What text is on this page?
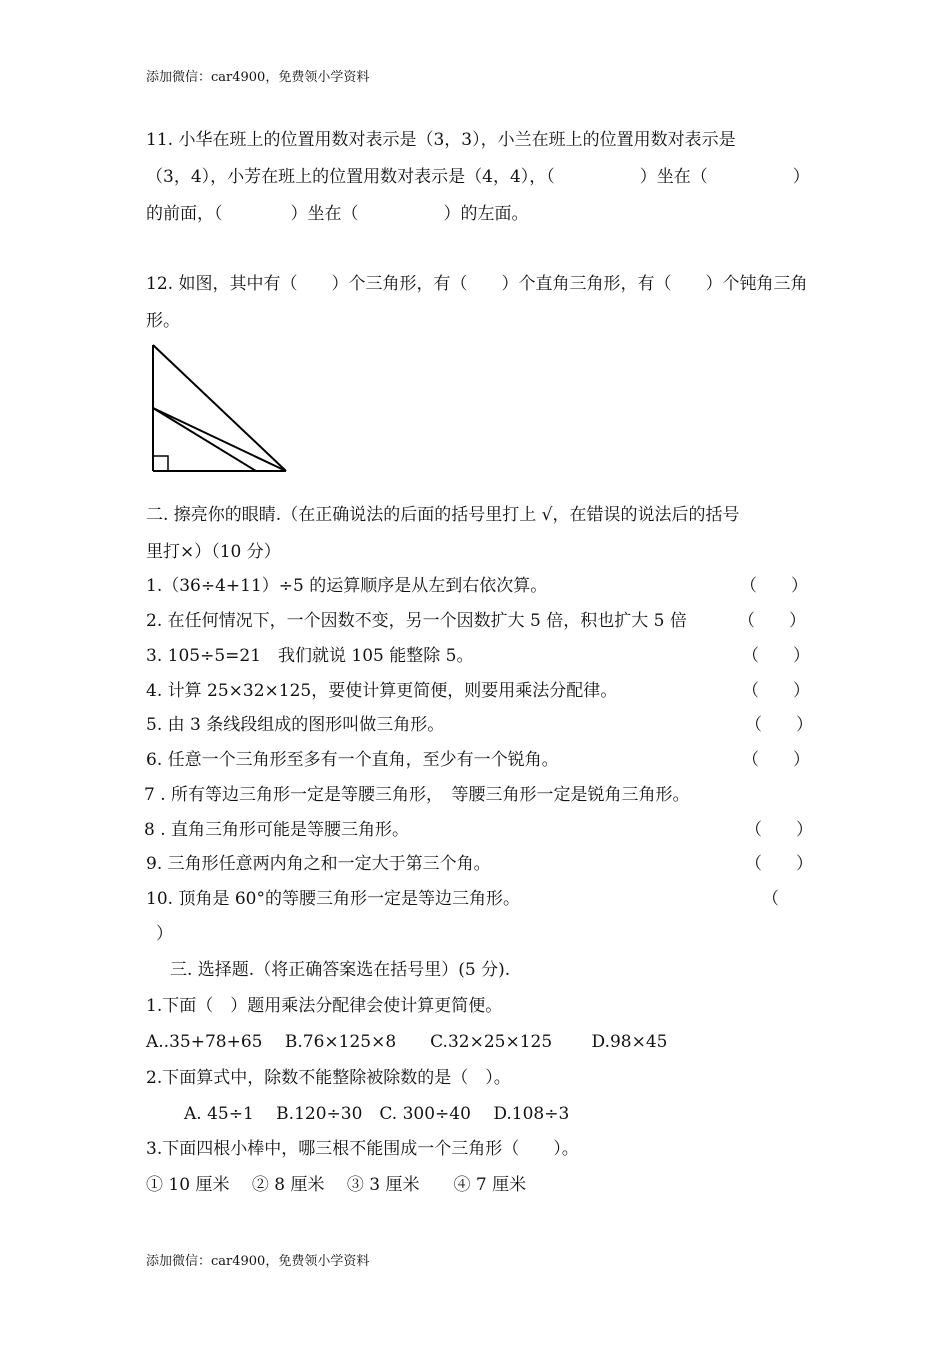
添加微信：car4900，免费领小学资料
11. 小华在班上的位置用数对表示是（3，3），小兰在班上的位置用数对表示是
（3，4），小芳在班上的位置用数对表示是（4，4），（　　　　　）坐在（　　　　　）
的前面，（　　　　）坐在（　　　　　）的左面。
12. 如图，其中有（　　）个三角形，有（　　）个直角三角形，有（　　）个钝角三角
形。
二. 擦亮你的眼睛.（在正确说法的后面的括号里打上 √，在错误的说法后的括号
里打×）（10 分）
1.（36÷4+11）÷5 的运算顺序是从左到右依次算。	（　　）
2. 在任何情况下，一个因数不变，另一个因数扩大 5 倍，积也扩大 5 倍	（　　）
3. 105÷5=21　我们就说 105 能整除 5。	（　　）
4. 计算 25×32×125，要使计算更简便，则要用乘法分配律。	（　　）
5. 由 3 条线段组成的图形叫做三角形。	（　　）
6. 任意一个三角形至多有一个直角，至少有一个锐角。	（　　）
7 . 所有等边三角形一定是等腰三角形，　等腰三角形一定是锐角三角形。
8 . 直角三角形可能是等腰三角形。	（　　）
9. 三角形任意两内角之和一定大于第三个角。	（　　）
10. 顶角是 60°的等腰三角形一定是等边三角形。	（
）
三. 选择题.（将正确答案选在括号里）(5 分).
1.下面（　）题用乘法分配律会使计算更简便。
A..35+78+65　 B.76×125×8　　C.32×25×125　　 D.98×45
2.下面算式中，除数不能整除被除数的是（　）。
A. 45÷1　 B.120÷30　C. 300÷40　 D.108÷3
3.下面四根小棒中，哪三根不能围成一个三角形（　　）。
① 10 厘米　 ② 8 厘米　 ③ 3 厘米　　④ 7 厘米
添加微信：car4900，免费领小学资料
